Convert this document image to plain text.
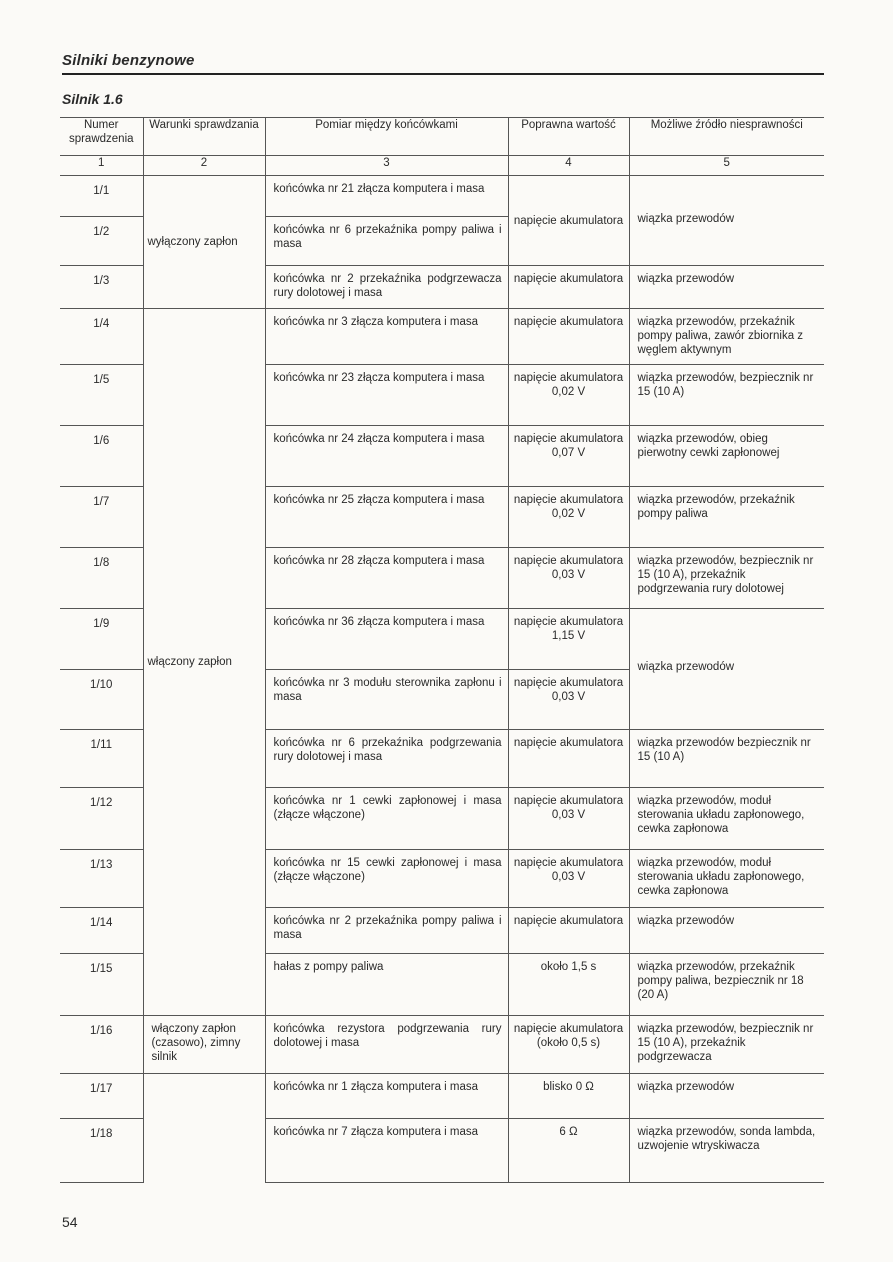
Silniki benzynowe
Silnik 1.6
Numer sprawdzenia	Warunki sprawdzania	Pomiar między końcówkami	Poprawna wartość	Możliwe źródło niesprawności
1	2	3	4	5
1/1	wyłączony zapłon	końcówka nr 21 złącza komputera i masa	napięcie akumulatora	wiązka przewodów
1/2		końcówka nr 6 przekaźnika pompy paliwa i masa		
1/3		końcówka nr 2 przekaźnika podgrzewacza rury dolotowej i masa	napięcie akumulatora	wiązka przewodów
1/4	włączony zapłon	końcówka nr 3 złącza komputera i masa	napięcie akumulatora	wiązka przewodów, przekaźnik pompy paliwa, zawór zbiornika z węglem aktywnym
1/5		końcówka nr 23 złącza komputera i masa	napięcie akumulatora 0,02 V	wiązka przewodów, bezpiecznik nr 15 (10 A)
1/6		końcówka nr 24 złącza komputera i masa	napięcie akumulatora 0,07 V	wiązka przewodów, obieg pierwotny cewki zapłonowej
1/7		końcówka nr 25 złącza komputera i masa	napięcie akumulatora 0,02 V	wiązka przewodów, przekaźnik pompy paliwa
1/8		końcówka nr 28 złącza komputera i masa	napięcie akumulatora 0,03 V	wiązka przewodów, bezpiecznik nr 15 (10 A), przekaźnik podgrzewania rury dolotowej
1/9		końcówka nr 36 złącza komputera i masa	napięcie akumulatora 1,15 V	wiązka przewodów
1/10		końcówka nr 3 modułu sterownika zapłonu i masa	napięcie akumulatora 0,03 V	
1/11		końcówka nr 6 przekaźnika podgrzewania rury dolotowej i masa	napięcie akumulatora	wiązka przewodów bezpiecznik nr 15 (10 A)
1/12		końcówka nr 1 cewki zapłonowej i masa (złącze włączone)	napięcie akumulatora 0,03 V	wiązka przewodów, moduł sterowania układu zapłonowego, cewka zapłonowa
1/13		końcówka nr 15 cewki zapłonowej i masa (złącze włączone)	napięcie akumulatora 0,03 V	wiązka przewodów, moduł sterowania układu zapłonowego, cewka zapłonowa
1/14		końcówka nr 2 przekaźnika pompy paliwa i masa	napięcie akumulatora	wiązka przewodów
1/15		hałas z pompy paliwa	około 1,5 s	wiązka przewodów, przekaźnik pompy paliwa, bezpiecznik nr 18 (20 A)
1/16	włączony zapłon (czasowo), zimny silnik	końcówka rezystora podgrzewania rury dolotowej i masa	napięcie akumulatora (około 0,5 s)	wiązka przewodów, bezpiecznik nr 15 (10 A), przekaźnik podgrzewacza
1/17		końcówka nr 1 złącza komputera i masa	blisko 0 Ω	wiązka przewodów
1/18		końcówka nr 7 złącza komputera i masa	6 Ω	wiązka przewodów, sonda lambda, uzwojenie wtryskiwacza
54
